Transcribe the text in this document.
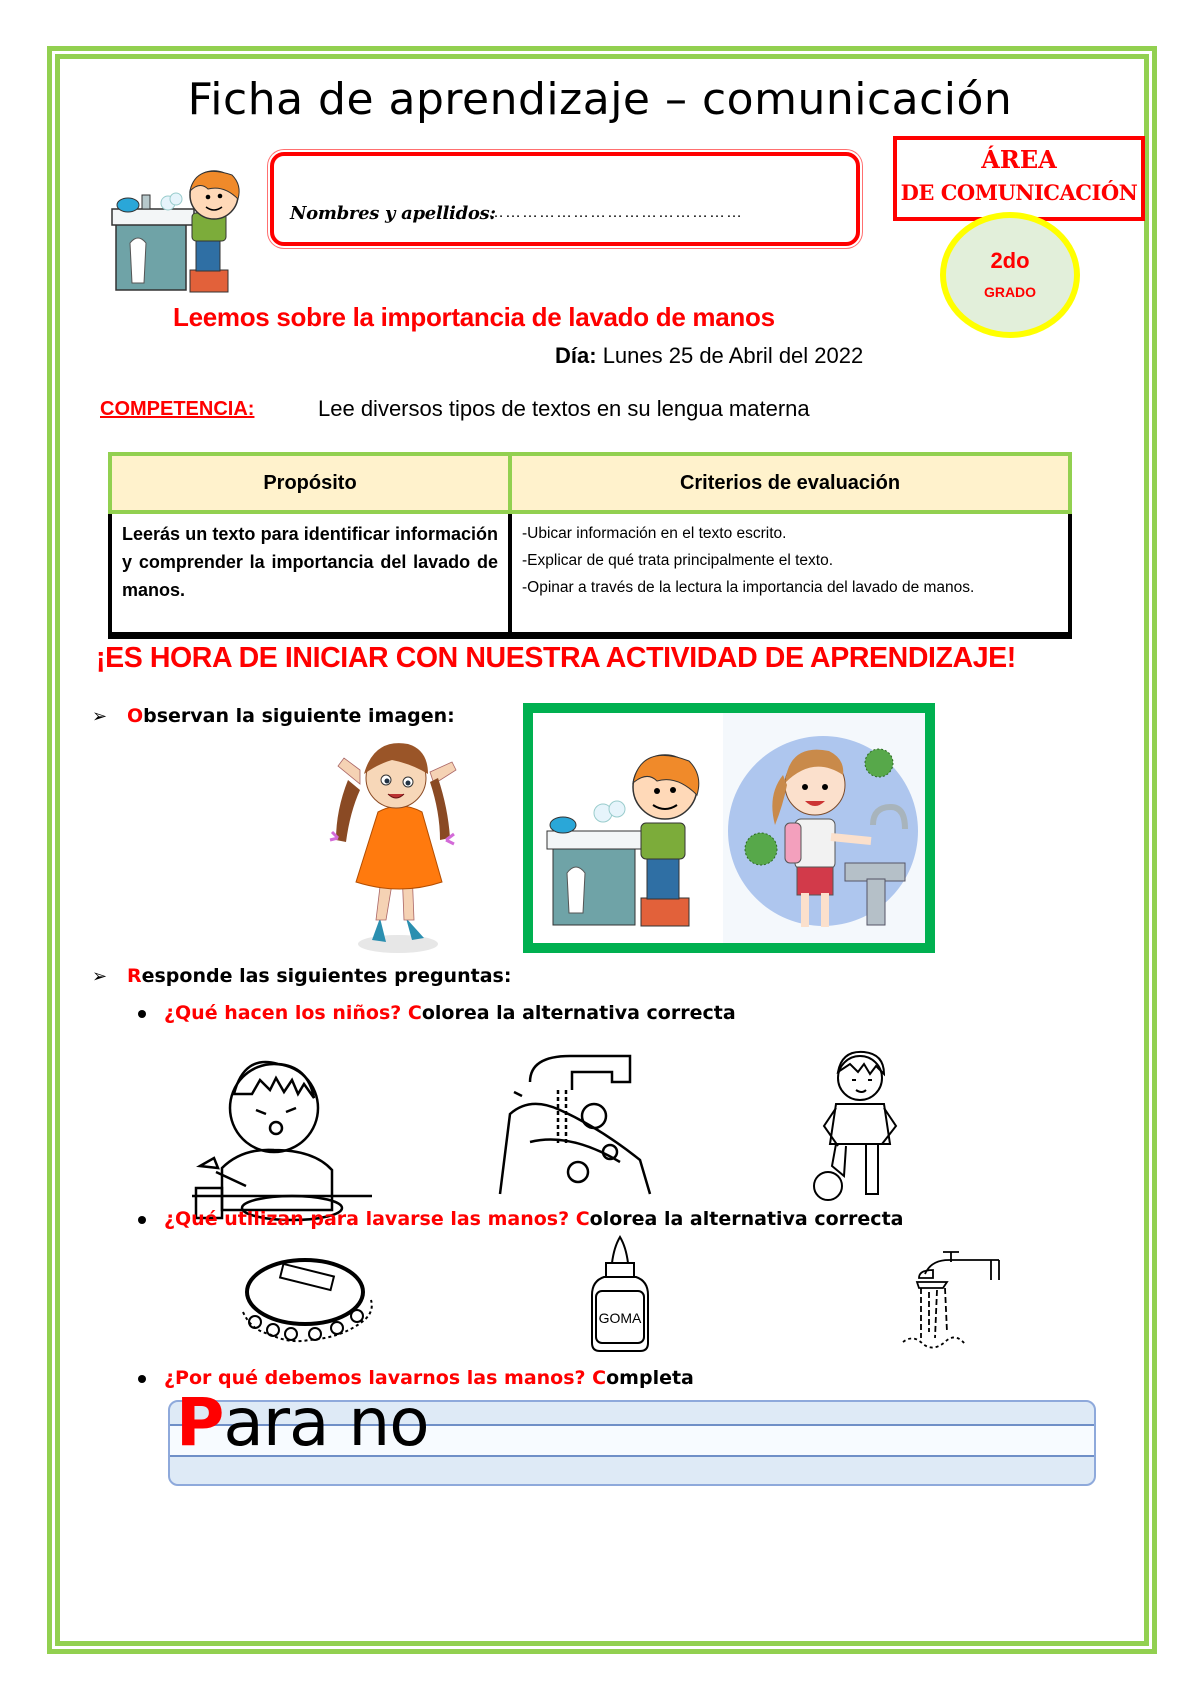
Ficha de aprendizaje – comunicación
Nombres y apellidos:
………………………………………
ÁREA
DE COMUNICACIÓN
2do
GRADO
Leemos sobre la importancia de lavado de manos
Día: Lunes 25 de Abril del 2022
COMPETENCIA:	Lee diversos tipos de textos en su lengua materna
Propósito	Criterios de evaluación
Leerás un texto para identificar información y comprender la importancia del lavado de manos.	-Ubicar información en el texto escrito.
-Explicar de qué trata principalmente el texto.
-Opinar a través de la lectura la importancia del lavado de manos.
¡ES HORA DE INICIAR CON NUESTRA ACTIVIDAD DE APRENDIZAJE!
➢ Observan la siguiente imagen:
➢ Responde las siguientes preguntas:
¿Qué hacen los niños? Colorea la alternativa correcta
¿Qué utilizan para lavarse las manos? Colorea la alternativa correcta
GOMA
¿Por qué debemos lavarnos las manos? Completa
Para no
